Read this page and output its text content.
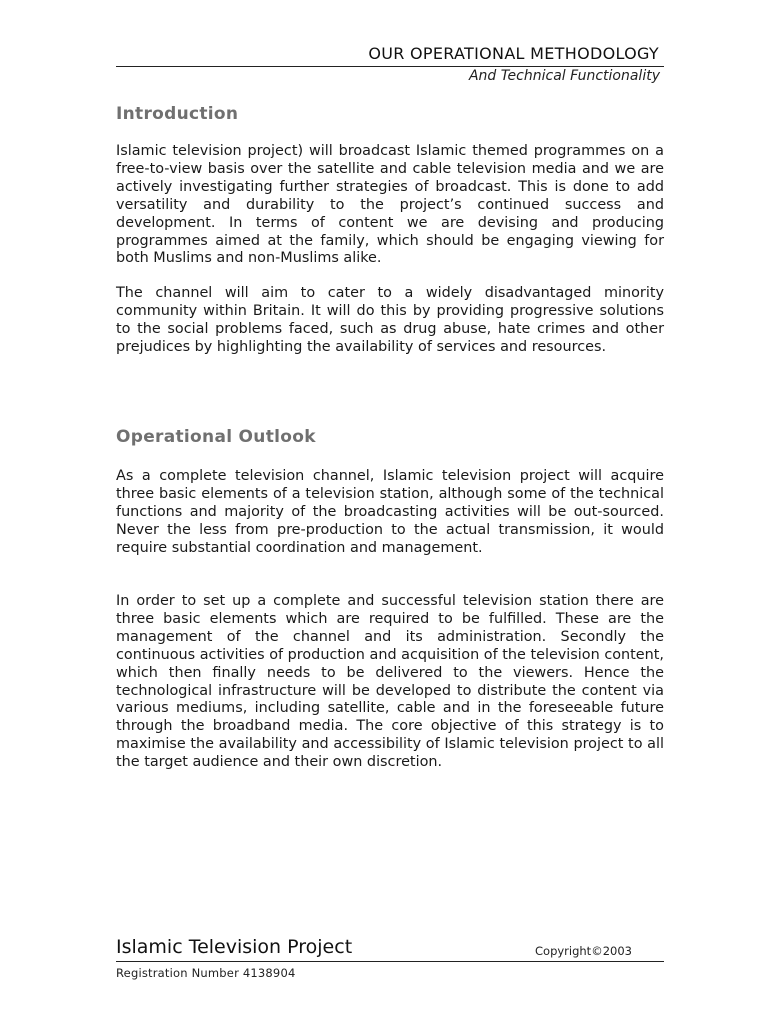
OUR OPERATIONAL METHODOLOGY
And Technical Functionality
Introduction

Islamic television project) will broadcast Islamic themed programmes on a free-to-view basis over the satellite and cable television media and we are actively investigating further strategies of broadcast. This is done to add versatility and durability to the project’s continued success and development. In terms of content we are devising and producing programmes aimed at the family, which should be engaging viewing for both Muslims and non-Muslims alike.

The channel will aim to cater to a widely disadvantaged minority community within Britain. It will do this by providing progressive solutions to the social problems faced, such as drug abuse, hate crimes and other prejudices by highlighting the availability of services and resources.

Operational Outlook

As a complete television channel, Islamic television project will acquire three basic elements of a television station, although some of the technical functions and majority of the broadcasting activities will be out-sourced. Never the less from pre-production to the actual transmission, it would require substantial coordination and management.

In order to set up a complete and successful television station there are three basic elements which are required to be fulfilled. These are the management of the channel and its administration. Secondly the continuous activities of production and acquisition of the television content, which then finally needs to be delivered to the viewers. Hence the technological infrastructure will be developed to distribute the content via various mediums, including satellite, cable and in the foreseeable future through the broadband media. The core objective of this strategy is to maximise the availability and accessibility of Islamic television project to all the target audience and their own discretion.

Islamic Television Project	Copyright©2003
Registration Number 4138904
